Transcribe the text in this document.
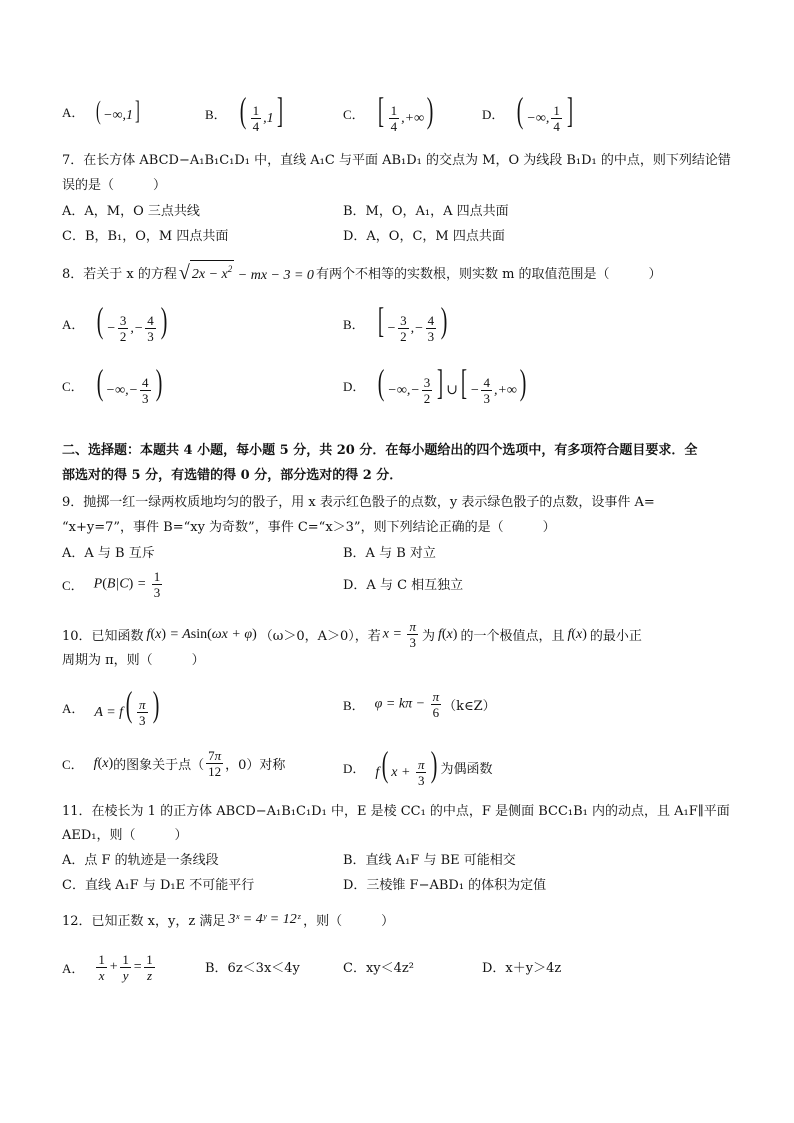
A． ( −∞,1]	B． ( $\frac{1}{4} ,1$]	C． [ $\frac{1}{4}$ ,+∞)	D． ( −∞, $\frac{1}{4}$ ]
7．在长方体 ABCD−A₁B₁C₁D₁ 中，直线 A₁C 与平面 AB₁D₁ 的交点为 M，O 为线段 B₁D₁ 的中点，则下列结论错
误的是（　　　）
A．A，M，O 三点共线	B．M，O，A₁，A 四点共面
C．B，B₁，O，M 四点共面	D．A，O，C，M 四点共面
8．若关于 x 的方程 √ $2x - x^2$ − mx − 3 = 0 有两个不相等的实数根，则实数 m 的取值范围是（　　　）
A． ( − $\frac{3}{2}$ ,− $\frac{4}{3}$ )	B． [ − $\frac{3}{2}$ ,− $\frac{4}{3}$ )
C． ( −∞,− $\frac{4}{3}$ )	D． ( −∞,− $\frac{3}{2}$ ] ∪[ − $\frac{4}{3}$ ,+∞)
二、选择题：本题共 4 小题，每小题 5 分，共 20 分．在每小题给出的四个选项中，有多项符合题目要求．全
部选对的得 5 分，有选错的得 0 分，部分选对的得 2 分．
9．抛掷一红一绿两枚质地均匀的骰子，用 x 表示红色骰子的点数，y 表示绿色骰子的点数，设事件 A=
“x+y=7”，事件 B=“xy 为奇数”，事件 C=“x＞3”，则下列结论正确的是（　　　）
A．A 与 B 互斥	B．A 与 B 对立
C． $P(B|C) = \frac{1}{3}$	D．A 与 C 相互独立
10．已知函数 f(x) = Asin(ωx + φ) （ω＞0，A＞0），若 $x = \frac{\pi}{3}$ 为 f(x) 的一个极值点，且 f(x) 的最小正
周期为 π，则（　　　）
A． $A = f( \frac{\pi}{3}$ )	B． $\varphi = k\pi - \frac{\pi}{6}$ （k∈Z）
C． f(x) 的图象关于点（ $\frac{7\pi}{12}$ ，0）对称	D． f( $x + \frac{\pi}{3}$ ) 为偶函数
11．在棱长为 1 的正方体 ABCD−A₁B₁C₁D₁ 中，E 是棱 CC₁ 的中点，F 是侧面 BCC₁B₁ 内的动点，且 A₁F∥平面
AED₁，则（　　　）
A．点 F 的轨迹是一条线段	B．直线 A₁F 与 BE 可能相交
C．直线 A₁F 与 D₁E 不可能平行	D．三棱锥 F−ABD₁ 的体积为定值
12．已知正数 x，y，z 满足 3ˣ = 4ʸ = 12ᶻ ，则（　　　）
A． $\frac{1}{x} + \frac{1}{y} = \frac{1}{z}$	B．6z＜3x＜4y	C．xy＜4z²	D．x＋y＞4z
